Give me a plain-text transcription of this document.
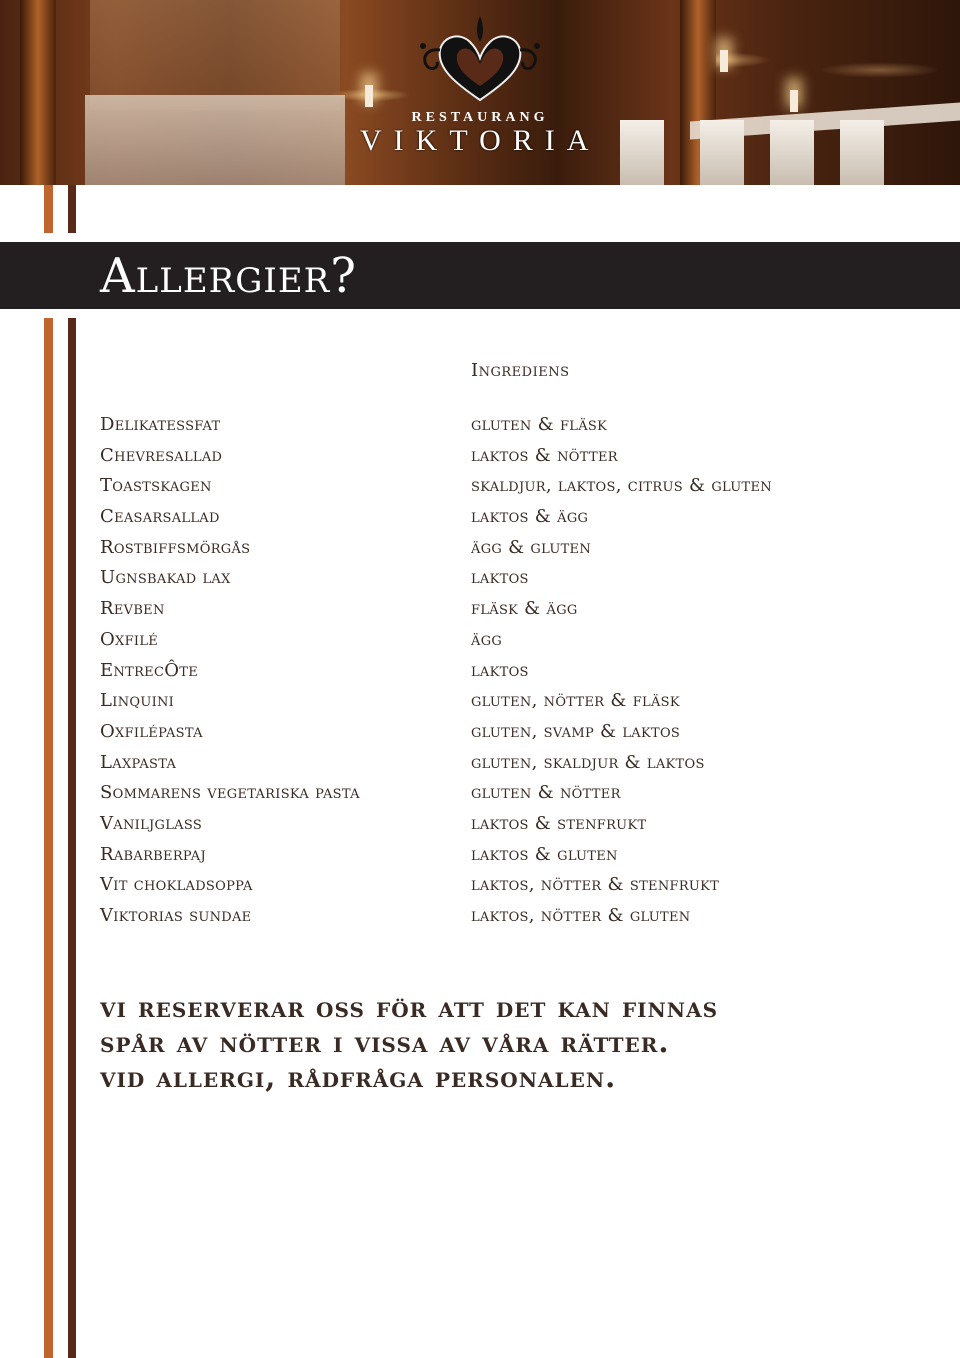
RESTAURANG
VIKTORIA
Allergier?
Ingrediens
Delikatessfat
Chevresallad
Toastskagen
Ceasarsallad
Rostbiffsmörgås
Ugnsbakad lax
Revben
Oxfilé
EntrecÔte
Linquini
Oxfilépasta
Laxpasta
Sommarens vegetariska pasta
Vaniljglass
Rabarberpaj
Vit chokladsoppa
Viktorias sundae
gluten & fläsk
laktos & nötter
skaldjur, laktos, citrus & gluten
laktos & ägg
ägg & gluten
laktos
fläsk & ägg
ägg
laktos
gluten, nötter & fläsk
gluten, svamp & laktos
gluten, skaldjur & laktos
gluten & nötter
laktos & stenfrukt
laktos & gluten
laktos, nötter & stenfrukt
laktos, nötter & gluten
vi reserverar oss för att det kan finnas
spår av nötter i vissa av våra rätter.
vid allergi, rådfråga personalen.
